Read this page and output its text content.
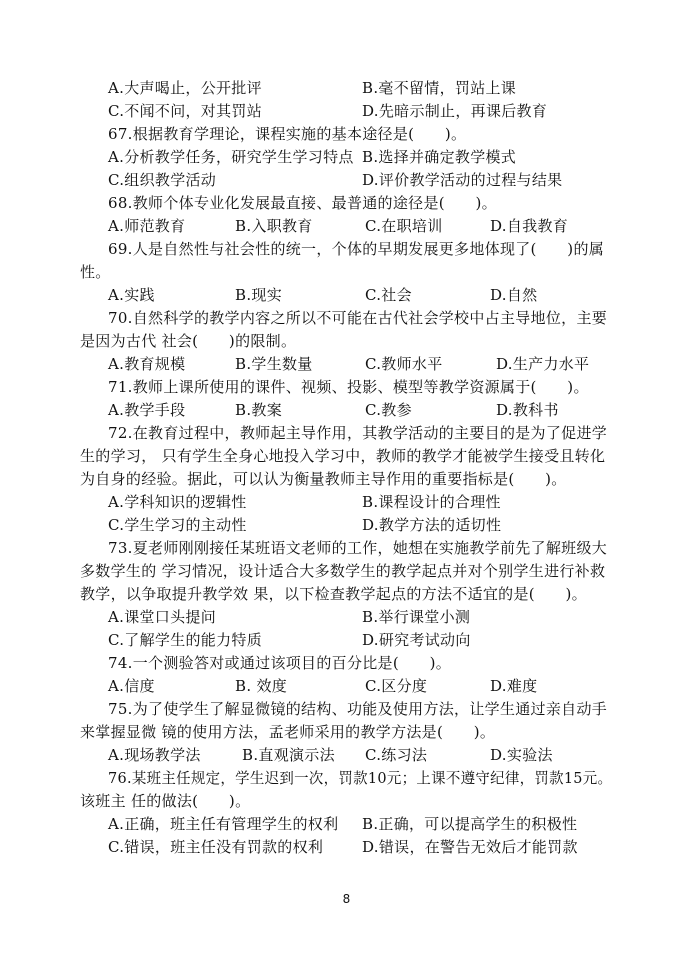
A.大声喝止，公开批评	B.毫不留情，罚站上课
C.不闻不问，对其罚站	D.先暗示制止，再课后教育
67.根据教育学理论，课程实施的基本途径是(　　)。
A.分析教学任务，研究学生学习特点 B.选择并确定教学模式
C.组织教学活动	D.评价教学活动的过程与结果
68.教师个体专业化发展最直接、最普通的途径是(　　)。
A.师范教育	B.入职教育	C.在职培训	D.自我教育
69.人是自然性与社会性的统一，个体的早期发展更多地体现了(　　)的属
性。
A.实践	B.现实	C.社会	D.自然
70.自然科学的教学内容之所以不可能在古代社会学校中占主导地位，主要
是因为古代 社会(　　)的限制。
A.教育规模	B.学生数量	C.教师水平	D.生产力水平
71.教师上课所使用的课件、视频、投影、模型等教学资源属于(　　)。
A.教学手段	B.教案	C.教参	D.教科书
72.在教育过程中，教师起主导作用，其教学活动的主要目的是为了促进学
生的学习， 只有学生全身心地投入学习中，教师的教学才能被学生接受且转化
为自身的经验。据此，可以认为衡量教师主导作用的重要指标是(　　)。
A.学科知识的逻辑性	B.课程设计的合理性
C.学生学习的主动性	D.教学方法的适切性
73.夏老师刚刚接任某班语文老师的工作，她想在实施教学前先了解班级大
多数学生的 学习情况，设计适合大多数学生的教学起点并对个别学生进行补救
教学，以争取提升教学效 果，以下检查教学起点的方法不适宜的是(　　)。
A.课堂口头提问	B.举行课堂小测
C.了解学生的能力特质	D.研究考试动向
74.一个测验答对或通过该项目的百分比是(　　)。
A.信度	B. 效度	C.区分度	D.难度
75.为了使学生了解显微镜的结构、功能及使用方法，让学生通过亲自动手
来掌握显微 镜的使用方法，孟老师采用的教学方法是(　　)。
A.现场教学法	B.直观演示法 C.练习法	D.实验法
76.某班主任规定，学生迟到一次，罚款10元；上课不遵守纪律，罚款15元。
该班主 任的做法(　　)。
A.正确，班主任有管理学生的权利 B.正确，可以提高学生的积极性
C.错误，班主任没有罚款的权利	D.错误，在警告无效后才能罚款
8
